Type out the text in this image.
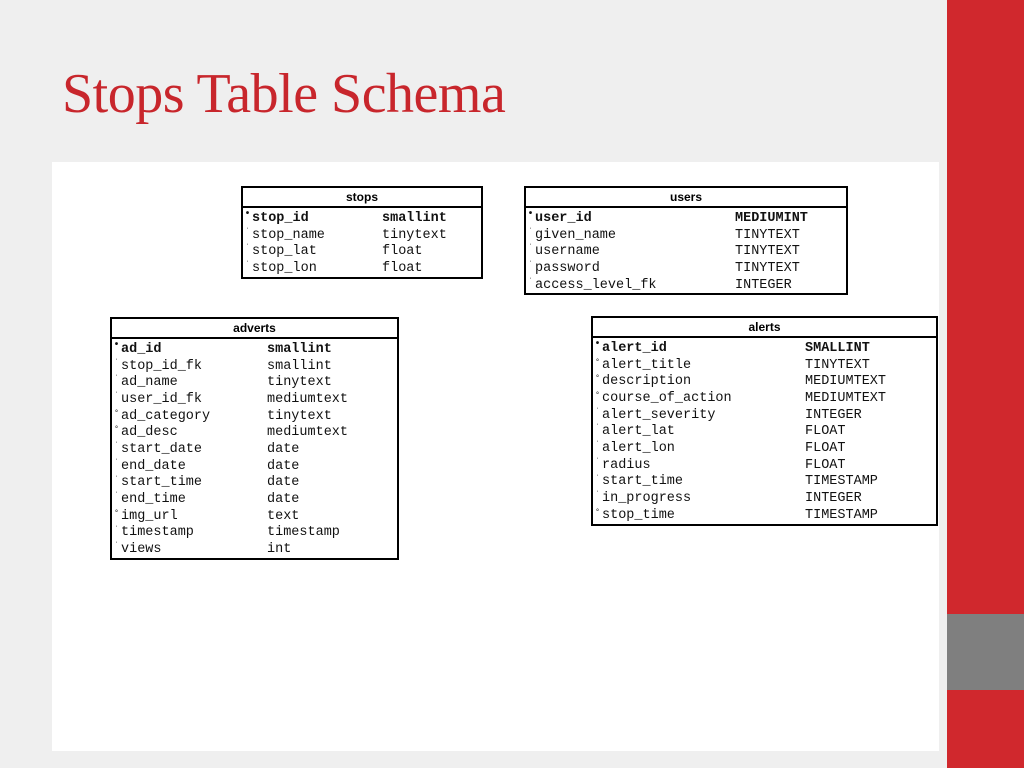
Stops Table Schema
stops
• stop_id	smallint
˙ stop_name	tinytext
˙ stop_lat	float
˙ stop_lon	float
users
• user_id	MEDIUMINT
˙ given_name	TINYTEXT
˙ username	TINYTEXT
˙ password	TINYTEXT
˙ access_level_fk	INTEGER
adverts
• ad_id	smallint
˙ stop_id_fk	smallint
˙ ad_name	tinytext
˙ user_id_fk	mediumtext
° ad_category	tinytext
° ad_desc	mediumtext
˙ start_date	date
˙ end_date	date
˙ start_time	date
˙ end_time	date
° img_url	text
˙ timestamp	timestamp
˙ views	int
alerts
• alert_id	SMALLINT
° alert_title	TINYTEXT
° description	MEDIUMTEXT
° course_of_action	MEDIUMTEXT
˙ alert_severity	INTEGER
˙ alert_lat	FLOAT
˙ alert_lon	FLOAT
˙ radius	FLOAT
˙ start_time	TIMESTAMP
˙ in_progress	INTEGER
° stop_time	TIMESTAMP
